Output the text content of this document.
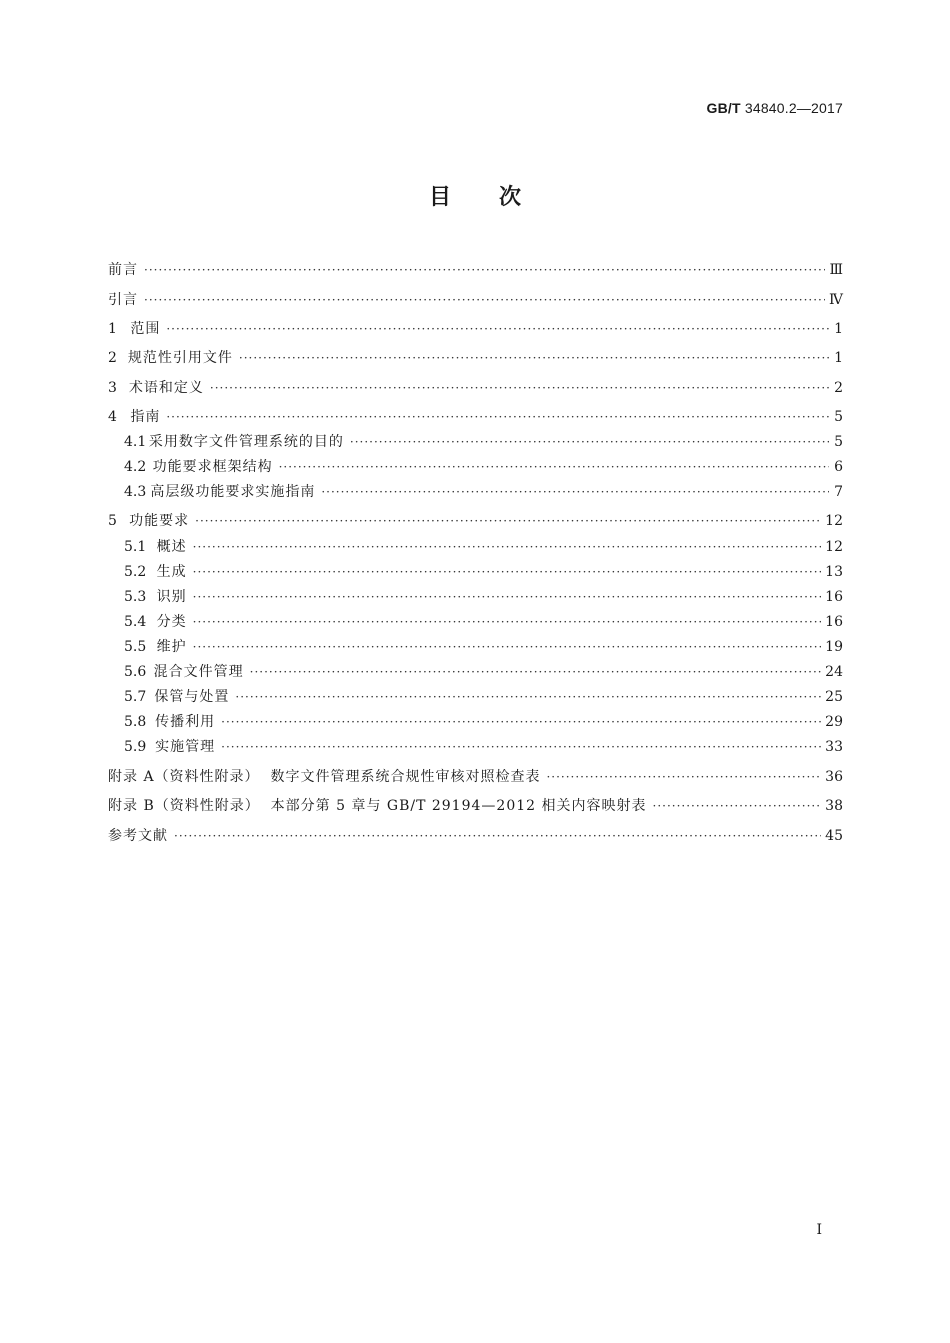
GB/T 34840.2—2017
目次
前言 ·····	Ⅲ
引言 ·····	Ⅳ
1 范围 ·····	1
2 规范性引用文件 ·····	1
3 术语和定义 ·····	2
4 指南 ·····	5
4.1 采用数字文件管理系统的目的 ·····	5
4.2 功能要求框架结构 ·····	6
4.3 高层级功能要求实施指南 ·····	7
5 功能要求 ·····	12
5.1 概述 ·····	12
5.2 生成 ·····	13
5.3 识别 ·····	16
5.4 分类 ·····	16
5.5 维护 ·····	19
5.6 混合文件管理 ·····	24
5.7 保管与处置 ·····	25
5.8 传播利用 ·····	29
5.9 实施管理 ·····	33
附录 A（资料性附录）  数字文件管理系统合规性审核对照检查表 ·····	36
附录 B（资料性附录）  本部分第 5 章与 GB/T 29194—2012 相关内容映射表 ·····	38
参考文献 ·····	45
Ⅰ
